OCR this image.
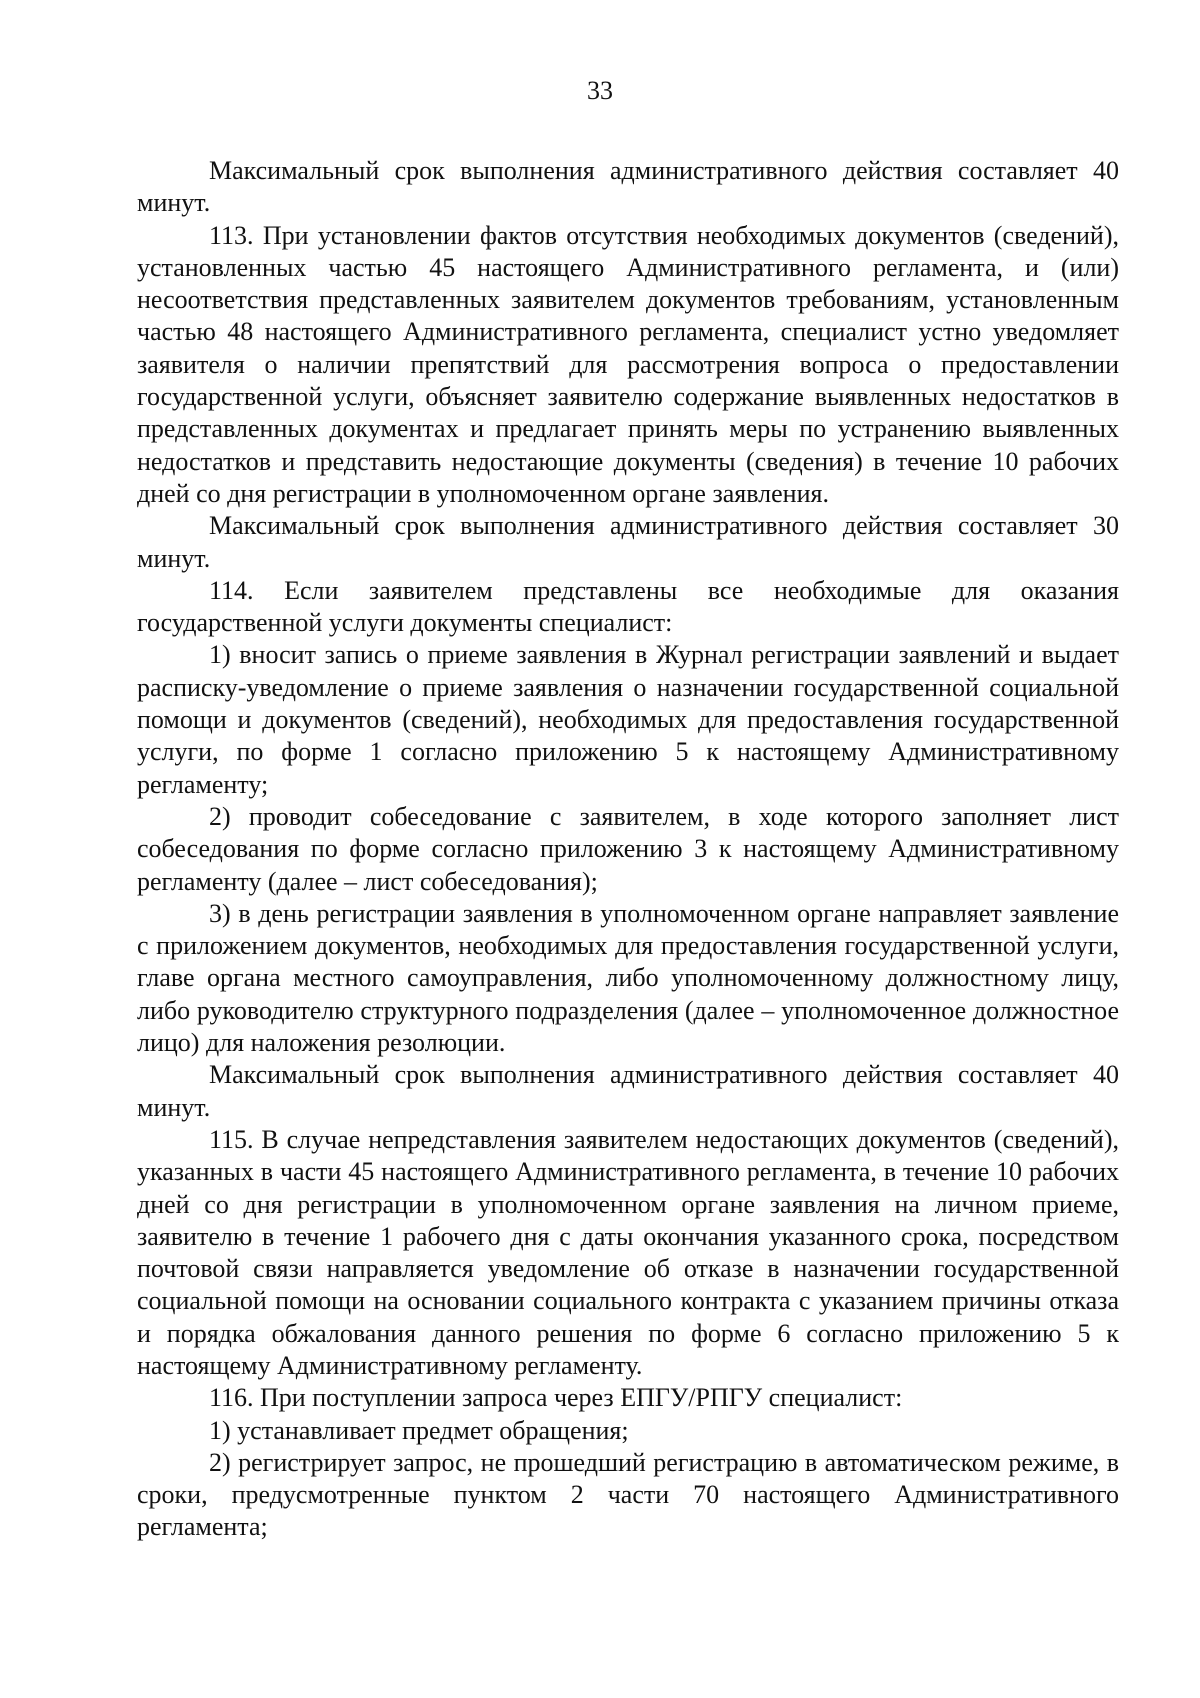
33

Максимальный срок выполнения административного действия составляет 40 минут.

113. При установлении фактов отсутствия необходимых документов (сведений), установленных частью 45 настоящего Административного регламента, и (или) несоответствия представленных заявителем документов требованиям, установленным частью 48 настоящего Административного регламента, специалист устно уведомляет заявителя о наличии препятствий для рассмотрения вопроса о предоставлении государственной услуги, объясняет заявителю содержание выявленных недостатков в представленных документах и предлагает принять меры по устранению выявленных недостатков и представить недостающие документы (сведения) в течение 10 рабочих дней со дня регистрации в уполномоченном органе заявления.

Максимальный срок выполнения административного действия составляет 30 минут.

114. Если заявителем представлены все необходимые для оказания государственной услуги документы специалист:

1) вносит запись о приеме заявления в Журнал регистрации заявлений и выдает расписку-уведомление о приеме заявления о назначении государственной социальной помощи и документов (сведений), необходимых для предоставления государственной услуги, по форме 1 согласно приложению 5 к настоящему Административному регламенту;

2) проводит собеседование с заявителем, в ходе которого заполняет лист собеседования по форме согласно приложению 3 к настоящему Административному регламенту (далее – лист собеседования);

3) в день регистрации заявления в уполномоченном органе направляет заявление с приложением документов, необходимых для предоставления государственной услуги, главе органа местного самоуправления, либо уполномоченному должностному лицу, либо руководителю структурного подразделения (далее – уполномоченное должностное лицо) для наложения резолюции.

Максимальный срок выполнения административного действия составляет 40 минут.

115. В случае непредставления заявителем недостающих документов (сведений), указанных в части 45 настоящего Административного регламента, в течение 10 рабочих дней со дня регистрации в уполномоченном органе заявления на личном приеме, заявителю в течение 1 рабочего дня с даты окончания указанного срока, посредством почтовой связи направляется уведомление об отказе в назначении государственной социальной помощи на основании социального контракта с указанием причины отказа и порядка обжалования данного решения по форме 6 согласно приложению 5 к настоящему Административному регламенту.

116. При поступлении запроса через ЕПГУ/РПГУ специалист:

1) устанавливает предмет обращения;

2) регистрирует запрос, не прошедший регистрацию в автоматическом режиме, в сроки, предусмотренные пунктом 2 части 70 настоящего Административного регламента;
